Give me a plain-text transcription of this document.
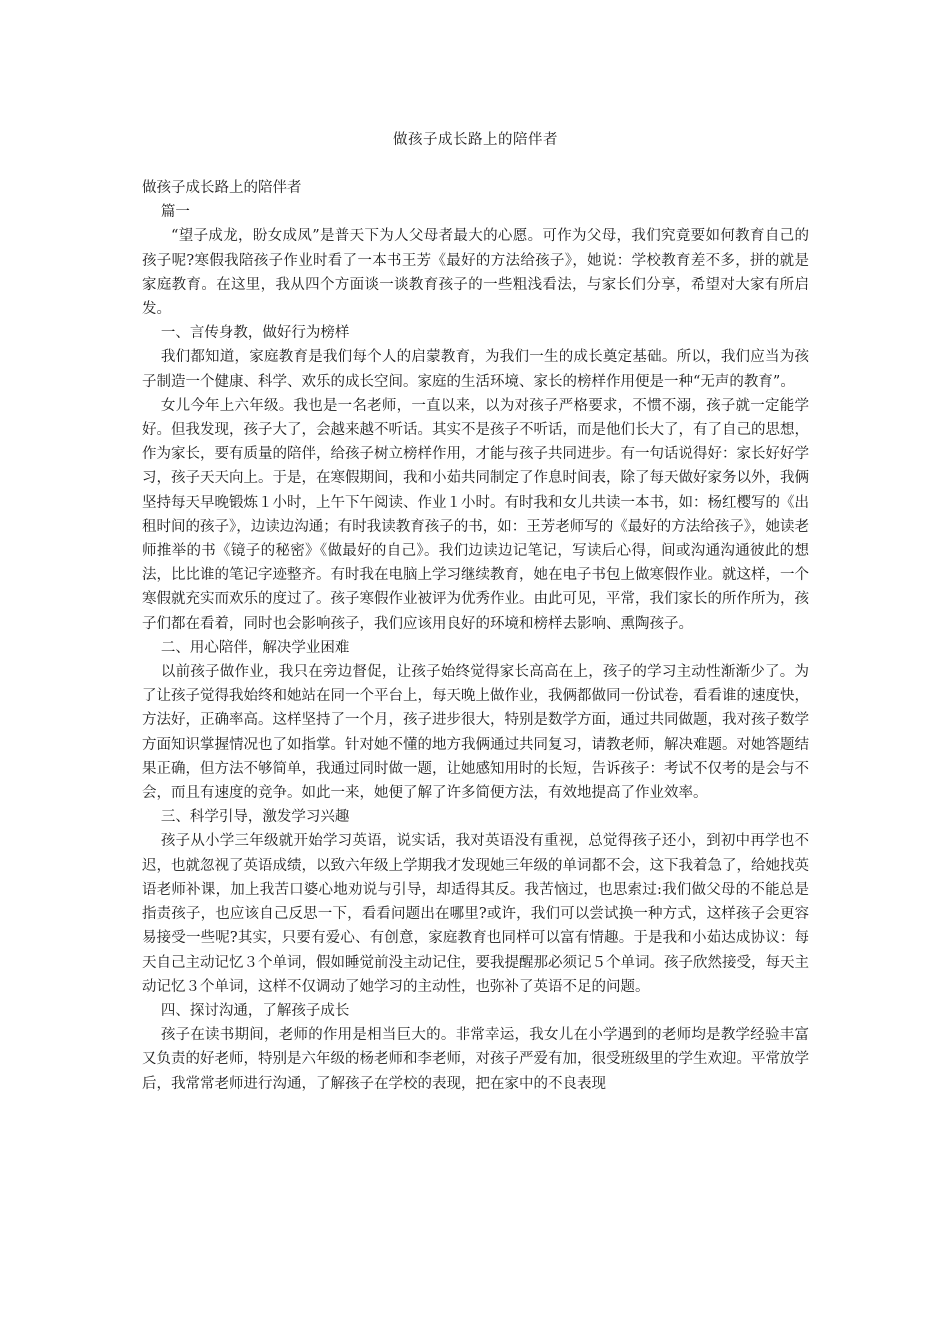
做孩子成长路上的陪伴者

做孩子成长路上的陪伴者

篇一

“望子成龙，盼女成凤”是普天下为人父母者最大的心愿。可作为父母，我们究竟要如何教育自己的孩子呢?寒假我陪孩子作业时看了一本书王芳《最好的方法给孩子》，她说：学校教育差不多，拼的就是家庭教育。在这里，我从四个方面谈一谈教育孩子的一些粗浅看法，与家长们分享，希望对大家有所启发。

一、言传身教，做好行为榜样

我们都知道，家庭教育是我们每个人的启蒙教育，为我们一生的成长奠定基础。所以，我们应当为孩子制造一个健康、科学、欢乐的成长空间。家庭的生活环境、家长的榜样作用便是一种“无声的教育”。

女儿今年上六年级。我也是一名老师，一直以来，以为对孩子严格要求，不惯不溺，孩子就一定能学好。但我发现，孩子大了，会越来越不听话。其实不是孩子不听话，而是他们长大了，有了自己的思想，作为家长，要有质量的陪伴，给孩子树立榜样作用，才能与孩子共同进步。有一句话说得好：家长好好学习，孩子天天向上。于是，在寒假期间，我和小茹共同制定了作息时间表，除了每天做好家务以外，我俩坚持每天早晚锻炼１小时，上午下午阅读、作业１小时。有时我和女儿共读一本书，如：杨红樱写的《出租时间的孩子》，边读边沟通；有时我读教育孩子的书，如：王芳老师写的《最好的方法给孩子》，她读老师推举的书《镜子的秘密》《做最好的自己》。我们边读边记笔记，写读后心得，间或沟通沟通彼此的想法，比比谁的笔记字迹整齐。有时我在电脑上学习继续教育，她在电子书包上做寒假作业。就这样，一个寒假就充实而欢乐的度过了。孩子寒假作业被评为优秀作业。由此可见，平常，我们家长的所作所为，孩子们都在看着，同时也会影响孩子，我们应该用良好的环境和榜样去影响、熏陶孩子。

二、用心陪伴，解决学业困难

以前孩子做作业，我只在旁边督促，让孩子始终觉得家长高高在上，孩子的学习主动性渐渐少了。为了让孩子觉得我始终和她站在同一个平台上，每天晚上做作业，我俩都做同一份试卷，看看谁的速度快，方法好，正确率高。这样坚持了一个月，孩子进步很大，特别是数学方面，通过共同做题，我对孩子数学方面知识掌握情况也了如指掌。针对她不懂的地方我俩通过共同复习，请教老师，解决难题。对她答题结果正确，但方法不够简单，我通过同时做一题，让她感知用时的长短，告诉孩子：考试不仅考的是会与不会，而且有速度的竞争。如此一来，她便了解了许多简便方法，有效地提高了作业效率。

三、科学引导，激发学习兴趣

孩子从小学三年级就开始学习英语，说实话，我对英语没有重视，总觉得孩子还小，到初中再学也不迟，也就忽视了英语成绩，以致六年级上学期我才发现她三年级的单词都不会，这下我着急了，给她找英语老师补课，加上我苦口婆心地劝说与引导，却适得其反。我苦恼过，也思索过:我们做父母的不能总是指责孩子，也应该自己反思一下，看看问题出在哪里?或许，我们可以尝试换一种方式，这样孩子会更容易接受一些呢?其实，只要有爱心、有创意，家庭教育也同样可以富有情趣。于是我和小茹达成协议：每天自己主动记忆３个单词，假如睡觉前没主动记住，要我提醒那必须记５个单词。孩子欣然接受，每天主动记忆３个单词，这样不仅调动了她学习的主动性，也弥补了英语不足的问题。

四、探讨沟通，了解孩子成长

孩子在读书期间，老师的作用是相当巨大的。非常幸运，我女儿在小学遇到的老师均是教学经验丰富又负责的好老师，特别是六年级的杨老师和李老师，对孩子严爱有加，很受班级里的学生欢迎。平常放学后，我常常老师进行沟通，了解孩子在学校的表现，把在家中的不良表现
